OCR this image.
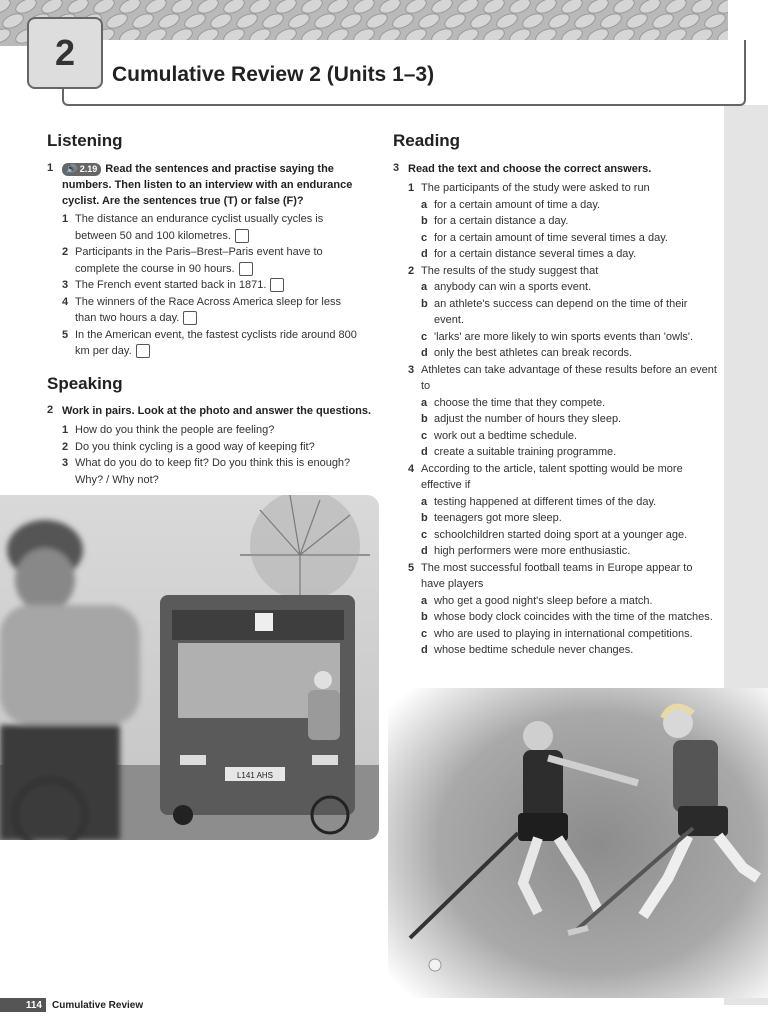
2
Cumulative Review 2 (Units 1–3)
Listening
1	🔊 2.19 Read the sentences and practise saying the numbers. Then listen to an interview with an endurance cyclist. Are the sentences true (T) or false (F)?
1 The distance an endurance cyclist usually cycles is between 50 and 100 kilometres.
2 Participants in the Paris–Brest–Paris event have to complete the course in 90 hours.
3 The French event started back in 1871.
4 The winners of the Race Across America sleep for less than two hours a day.
5 In the American event, the fastest cyclists ride around 800 km per day.
Speaking
2 Work in pairs. Look at the photo and answer the questions.
1 How do you think the people are feeling?
2 Do you think cycling is a good way of keeping fit?
3 What do you do to keep fit? Do you think this is enough? Why? / Why not?
L141 AHS
Reading
3 Read the text and choose the correct answers.
1 The participants of the study were asked to run
a for a certain amount of time a day.
b for a certain distance a day.
c for a certain amount of time several times a day.
d for a certain distance several times a day.
2 The results of the study suggest that
a anybody can win a sports event.
b an athlete's success can depend on the time of their event.
c 'larks' are more likely to win sports events than 'owls'.
d only the best athletes can break records.
3 Athletes can take advantage of these results before an event to
a choose the time that they compete.
b adjust the number of hours they sleep.
c work out a bedtime schedule.
d create a suitable training programme.
4 According to the article, talent spotting would be more effective if
a testing happened at different times of the day.
b teenagers got more sleep.
c schoolchildren started doing sport at a younger age.
d high performers were more enthusiastic.
5 The most successful football teams in Europe appear to have players
a who get a good night's sleep before a match.
b whose body clock coincides with the time of the matches.
c who are used to playing in international competitions.
d whose bedtime schedule never changes.
114	Cumulative Review
